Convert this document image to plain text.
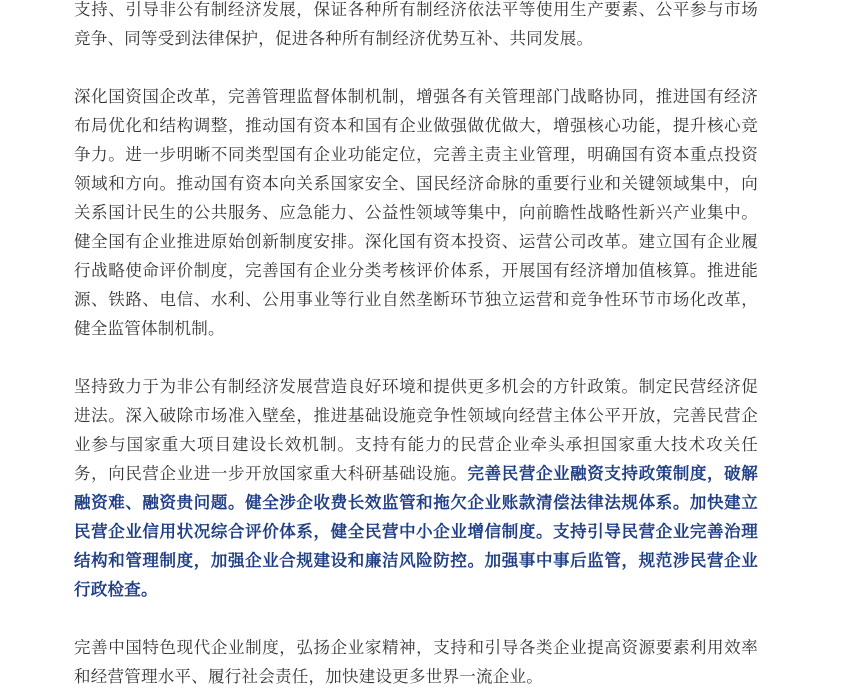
支持、引导非公有制经济发展，保证各种所有制经济依法平等使用生产要素、公平参与市场竞争、同等受到法律保护，促进各种所有制经济优势互补、共同发展。

深化国资国企改革，完善管理监督体制机制，增强各有关管理部门战略协同，推进国有经济布局优化和结构调整，推动国有资本和国有企业做强做优做大，增强核心功能，提升核心竞争力。进一步明晰不同类型国有企业功能定位，完善主责主业管理，明确国有资本重点投资领域和方向。推动国有资本向关系国家安全、国民经济命脉的重要行业和关键领域集中，向关系国计民生的公共服务、应急能力、公益性领域等集中，向前瞻性战略性新兴产业集中。健全国有企业推进原始创新制度安排。深化国有资本投资、运营公司改革。建立国有企业履行战略使命评价制度，完善国有企业分类考核评价体系，开展国有经济增加值核算。推进能源、铁路、电信、水利、公用事业等行业自然垄断环节独立运营和竞争性环节市场化改革，健全监管体制机制。

坚持致力于为非公有制经济发展营造良好环境和提供更多机会的方针政策。制定民营经济促进法。深入破除市场准入壁垒，推进基础设施竞争性领域向经营主体公平开放，完善民营企业参与国家重大项目建设长效机制。支持有能力的民营企业牵头承担国家重大技术攻关任务，向民营企业进一步开放国家重大科研基础设施。完善民营企业融资支持政策制度，破解融资难、融资贵问题。健全涉企收费长效监管和拖欠企业账款清偿法律法规体系。加快建立民营企业信用状况综合评价体系，健全民营中小企业增信制度。支持引导民营企业完善治理结构和管理制度，加强企业合规建设和廉洁风险防控。加强事中事后监管，规范涉民营企业行政检查。

完善中国特色现代企业制度，弘扬企业家精神，支持和引导各类企业提高资源要素利用效率和经营管理水平、履行社会责任，加快建设更多世界一流企业。
